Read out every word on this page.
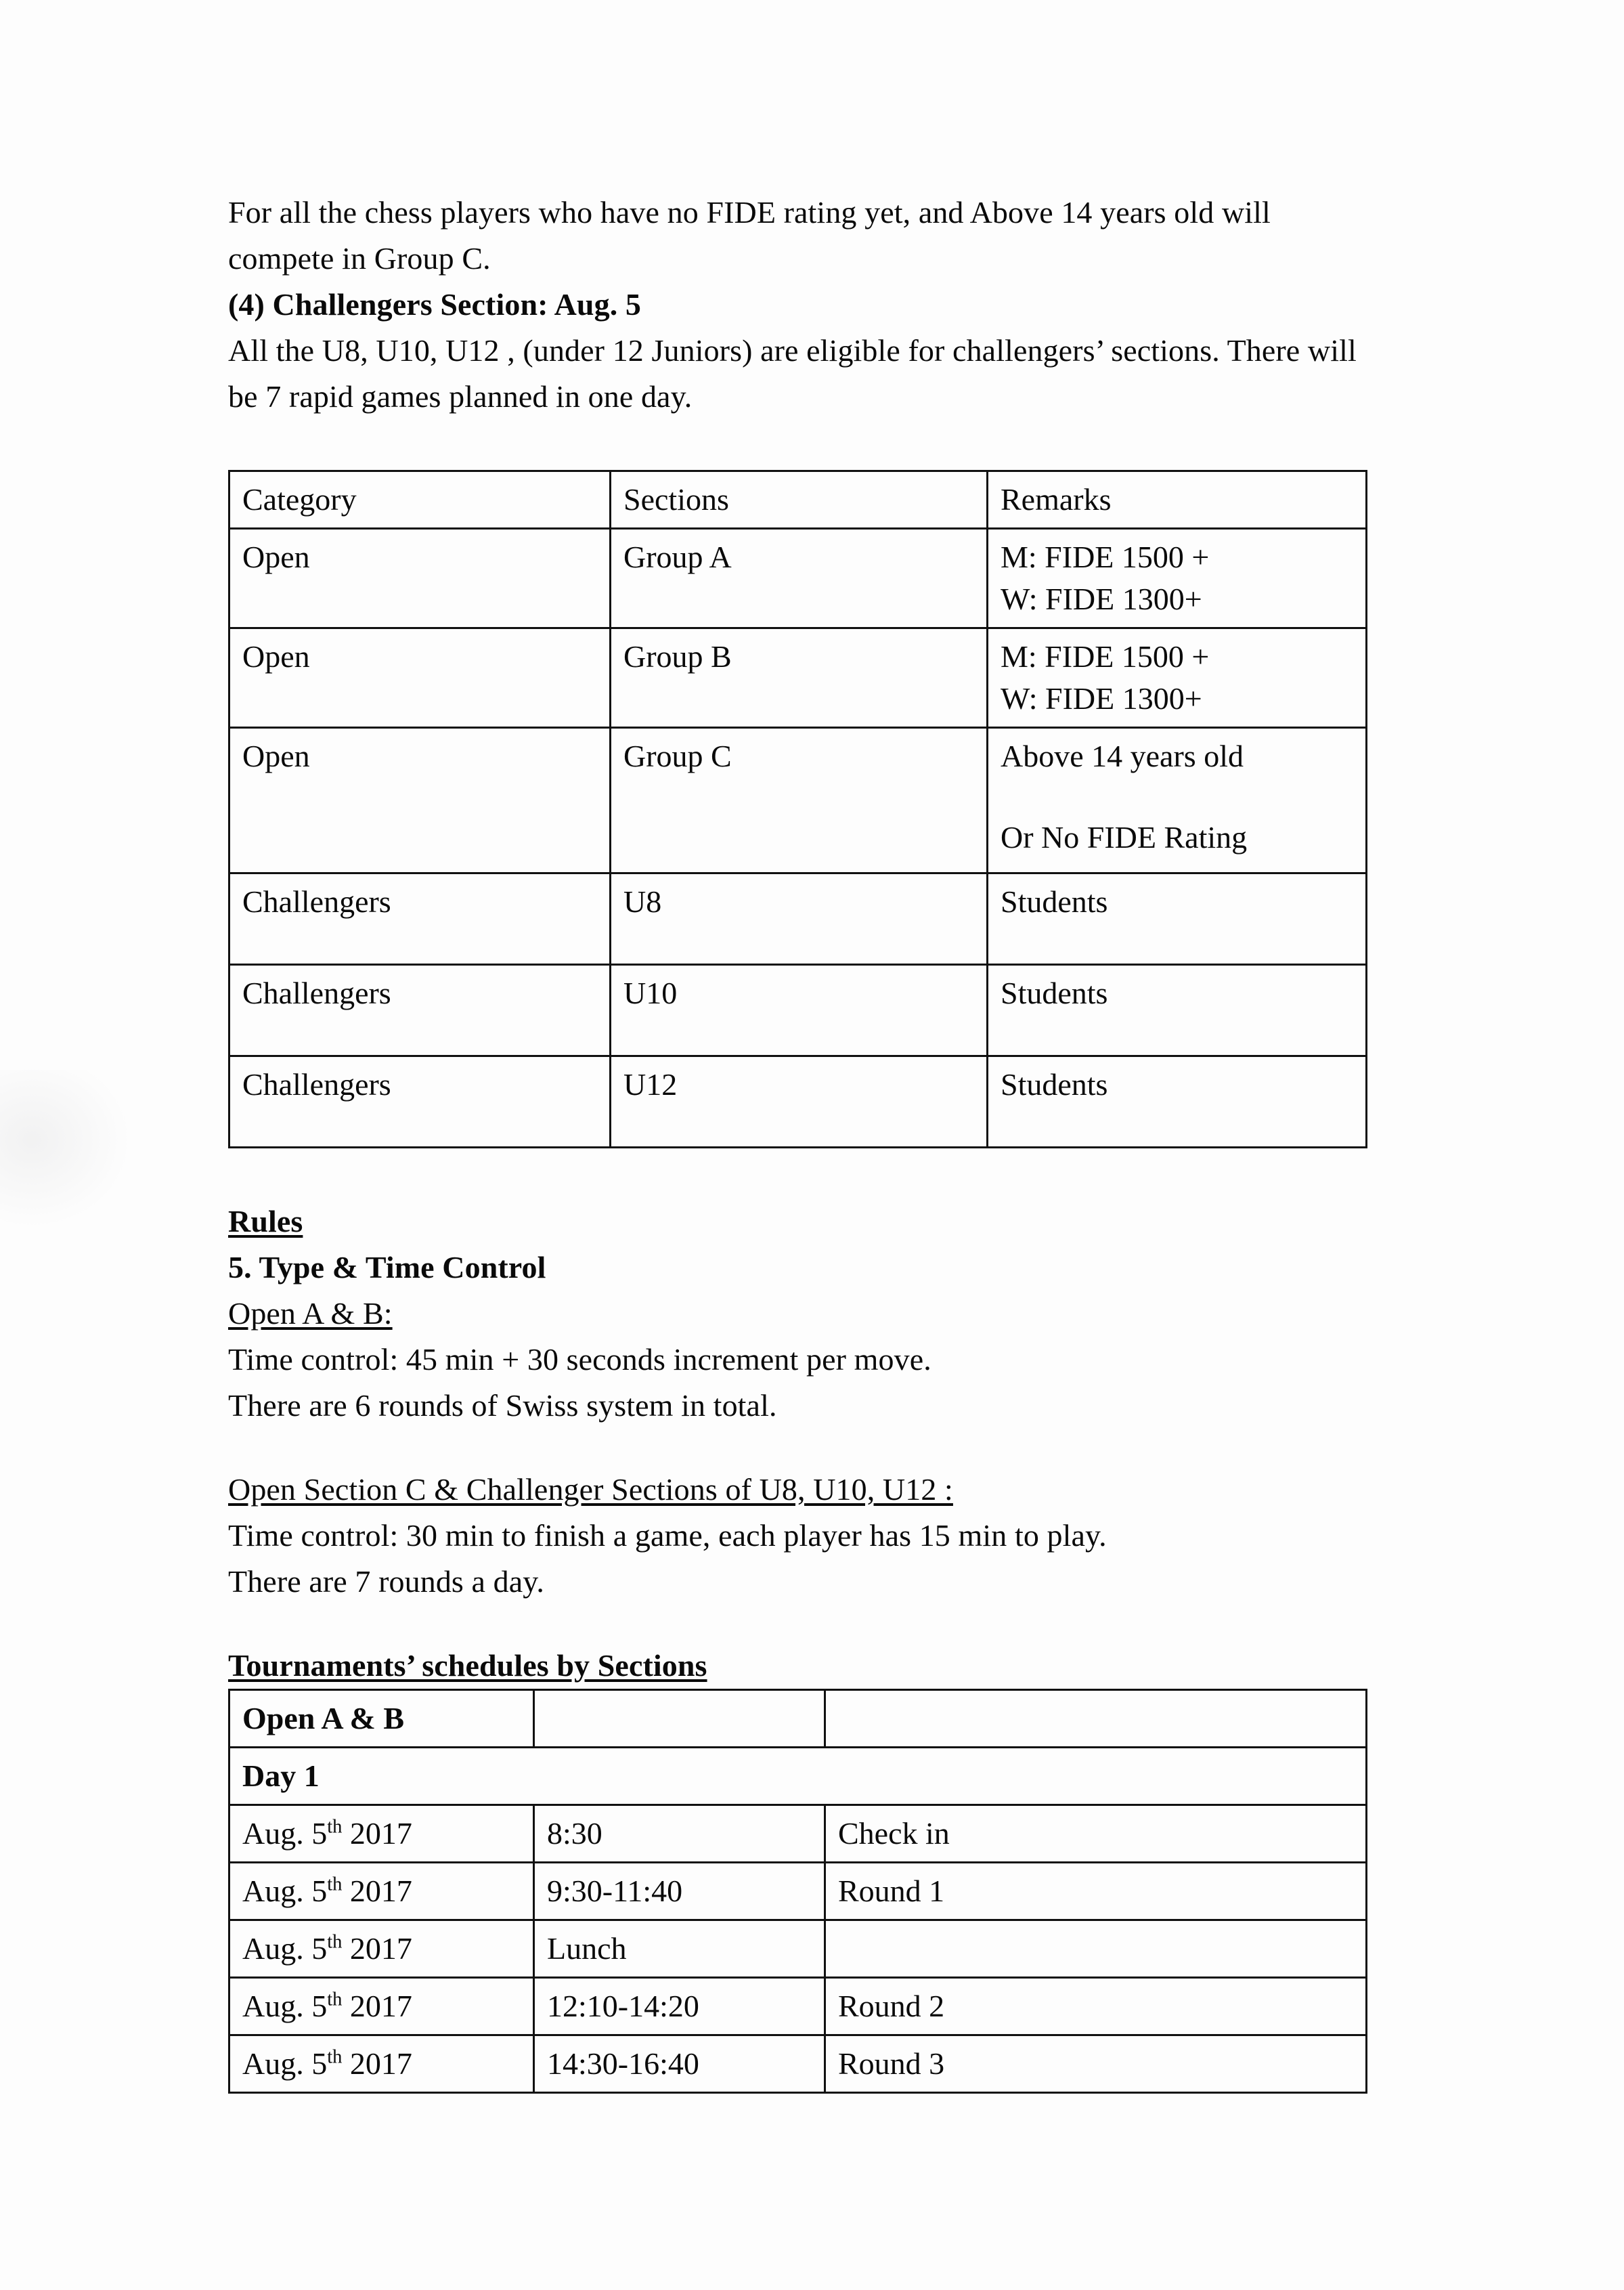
For all the chess players who have no FIDE rating yet, and Above 14 years old will compete in Group C.

(4) Challengers Section: Aug. 5

All the U8, U10, U12 , (under 12 Juniors) are eligible for challengers’ sections. There will be 7 rapid games planned in one day.

Category	Sections	Remarks
Open	Group A	M: FIDE 1500 +
W: FIDE 1300+

Open	Group B	M: FIDE 1500 +
W: FIDE 1300+

Open	Group C	Above 14 years old
Or No FIDE Rating

Challengers	U8	Students
Challengers	U10	Students
Challengers	U12	Students

Rules

5. Type & Time Control

Open A & B:

Time control: 45 min + 30 seconds increment per move.

There are 6 rounds of Swiss system in total.

Open Section C & Challenger Sections of U8, U10, U12 :

Time control: 30 min to finish a game, each player has 15 min to play.

There are 7 rounds a day.

Tournaments’ schedules by Sections

Open A & B		
Day 1		
Aug. 5th 2017	8:30	Check in
Aug. 5th 2017	9:30-11:40	Round 1
Aug. 5th 2017	Lunch	
Aug. 5th 2017	12:10-14:20	Round 2
Aug. 5th 2017	14:30-16:40	Round 3
